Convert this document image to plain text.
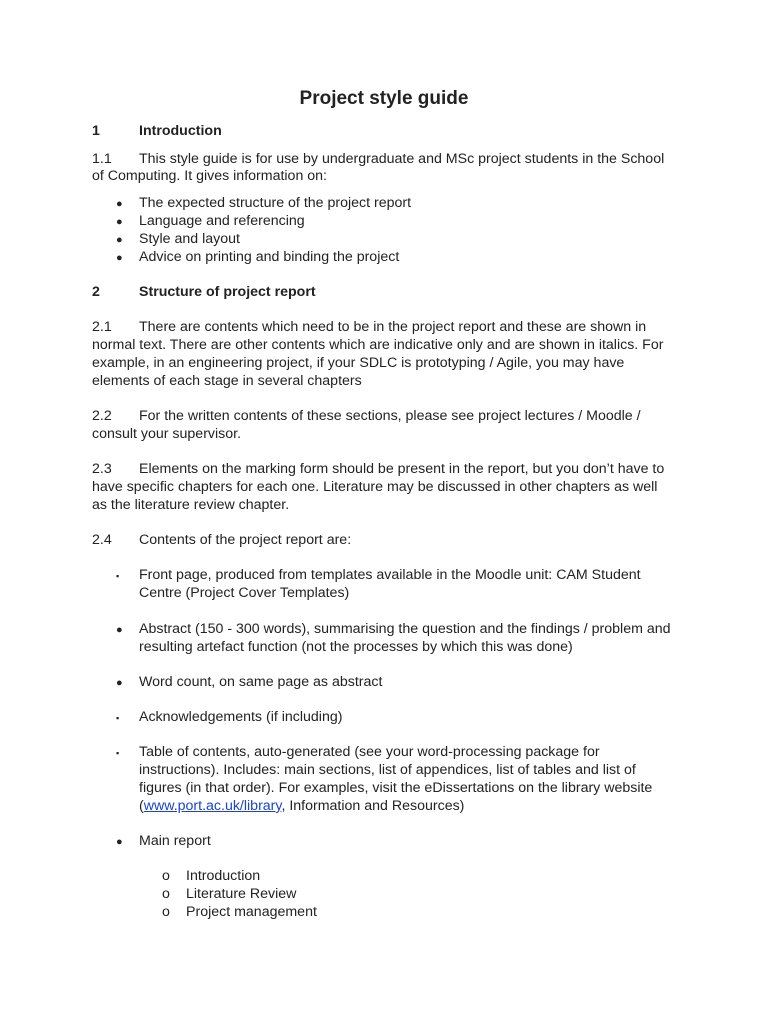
Project style guide
1	Introduction
1.1 This style guide is for use by undergraduate and MSc project students in the School
of Computing. It gives information on:
● The expected structure of the project report
● Language and referencing
● Style and layout
● Advice on printing and binding the project
2	Structure of project report
2.1 There are contents which need to be in the project report and these are shown in
normal text. There are other contents which are indicative only and are shown in italics. For
example, in an engineering project, if your SDLC is prototyping / Agile, you may have
elements of each stage in several chapters
2.2 For the written contents of these sections, please see project lectures / Moodle /
consult your supervisor.
2.3 Elements on the marking form should be present in the report, but you don’t have to
have specific chapters for each one. Literature may be discussed in other chapters as well
as the literature review chapter.
2.4 Contents of the project report are:
▪ Front page, produced from templates available in the Moodle unit: CAM Student
Centre (Project Cover Templates)
● Abstract (150 - 300 words), summarising the question and the findings / problem and
resulting artefact function (not the processes by which this was done)
● Word count, on same page as abstract
▪ Acknowledgements (if including)
▪ Table of contents, auto-generated (see your word-processing package for
instructions). Includes: main sections, list of appendices, list of tables and list of
figures (in that order). For examples, visit the eDissertations on the library website
(www.port.ac.uk/library, Information and Resources)
● Main report
o Introduction
o Literature Review
o Project management
